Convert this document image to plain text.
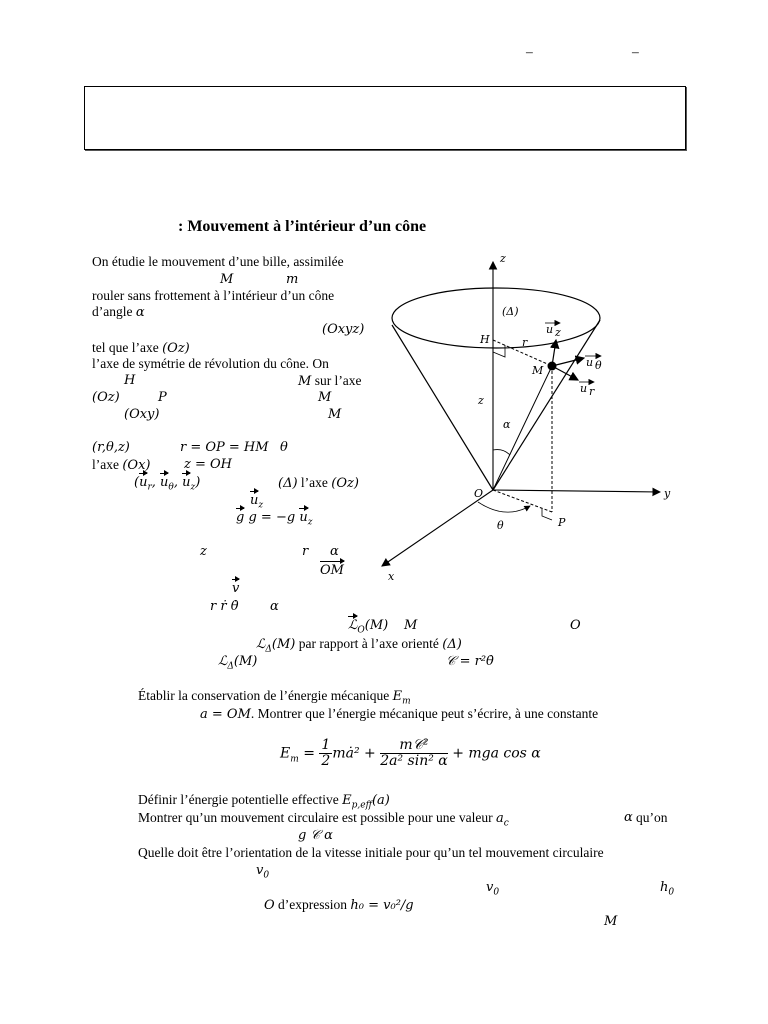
–	–
: Mouvement à l’intérieur d’un cône
On étudie le mouvement d’une bille, assimilée
M	m
rouler sans frottement à l’intérieur d’un cône
d’angle α
(Oxyz)
tel que l’axe (Oz)
l’axe de symétrie de révolution du cône. On
H	M sur l’axe
(Oz)	P	M
(Oxy)	M
(r,θ,z)	r = OP = HM θ
l’axe (Ox)	z = OH
($u_r$, $u_\theta$, $u_z$)	(Δ) l’axe (Oz)
$u_z$
g g = −g $u_z$
z	r α
OM
v
r ṙ θ̇ α
ℒ$_O$(M) M	O
ℒ$_\Delta$(M) par rapport à l’axe orienté (Δ)
ℒ$_\Delta$(M)	𝒞 = r²θ̇
Établir la conservation de l’énergie mécanique $E_m$
a = OM. Montrer que l’énergie mécanique peut s’écrire, à une constante
$E_m = \frac{1}{2}$ mȧ² + $\frac{\text{m𝒞²}}{\text{2a² sin² α}}$ + mga cos α
Définir l’énergie potentielle effective $E_{p,eff}(a)$
Montrer qu’un mouvement circulaire est possible pour une valeur $a_c$	α qu’on
g 𝒞 α
Quelle doit être l’orientation de la vitesse initiale pour qu’un tel mouvement circulaire
$v_0$
$v_0$	$h_0$
O d’expression h₀ = v₀²/g
M
z
(Δ)
H	r
M
z
α
O
θ	P
y
x
u z
u θ
u r
